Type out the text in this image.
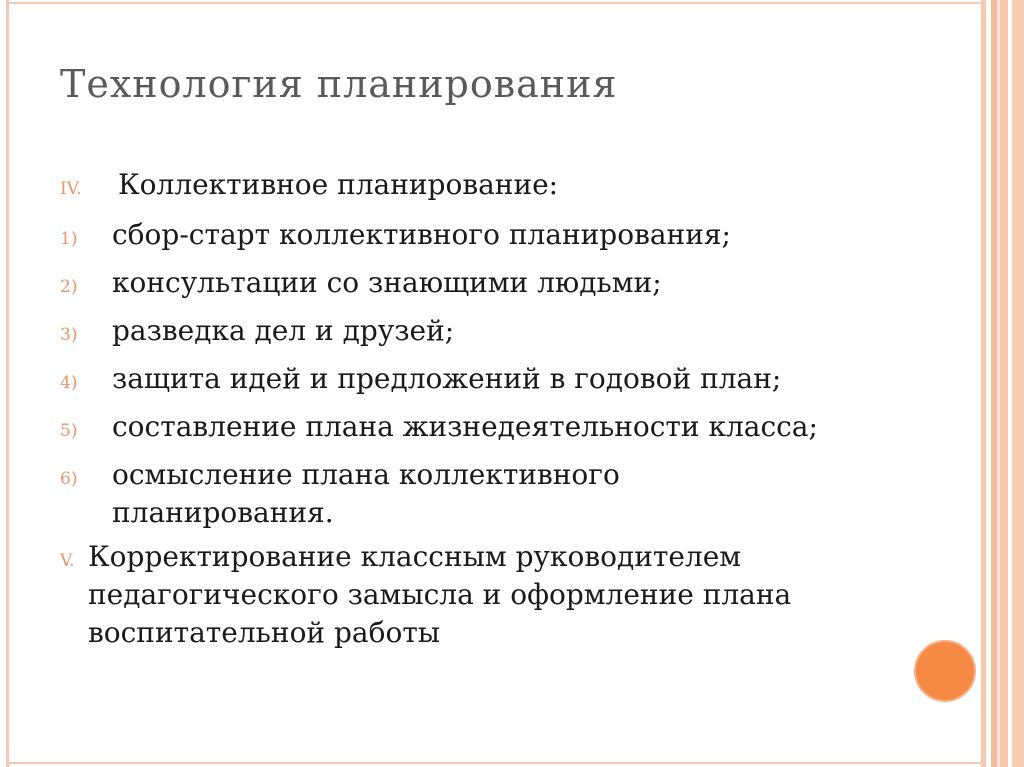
Технология планирования
IV.	Коллективное планирование:
1)	сбор-старт коллективного планирования;
2)	консультации со знающими людьми;
3)	разведка дел и друзей;
4)	защита идей и предложений в годовой план;
5)	составление плана жизнедеятельности класса;
6)	осмысление плана коллективного планирования.
V. Корректирование классным руководителем педагогического замысла и оформление плана воспитательной работы
